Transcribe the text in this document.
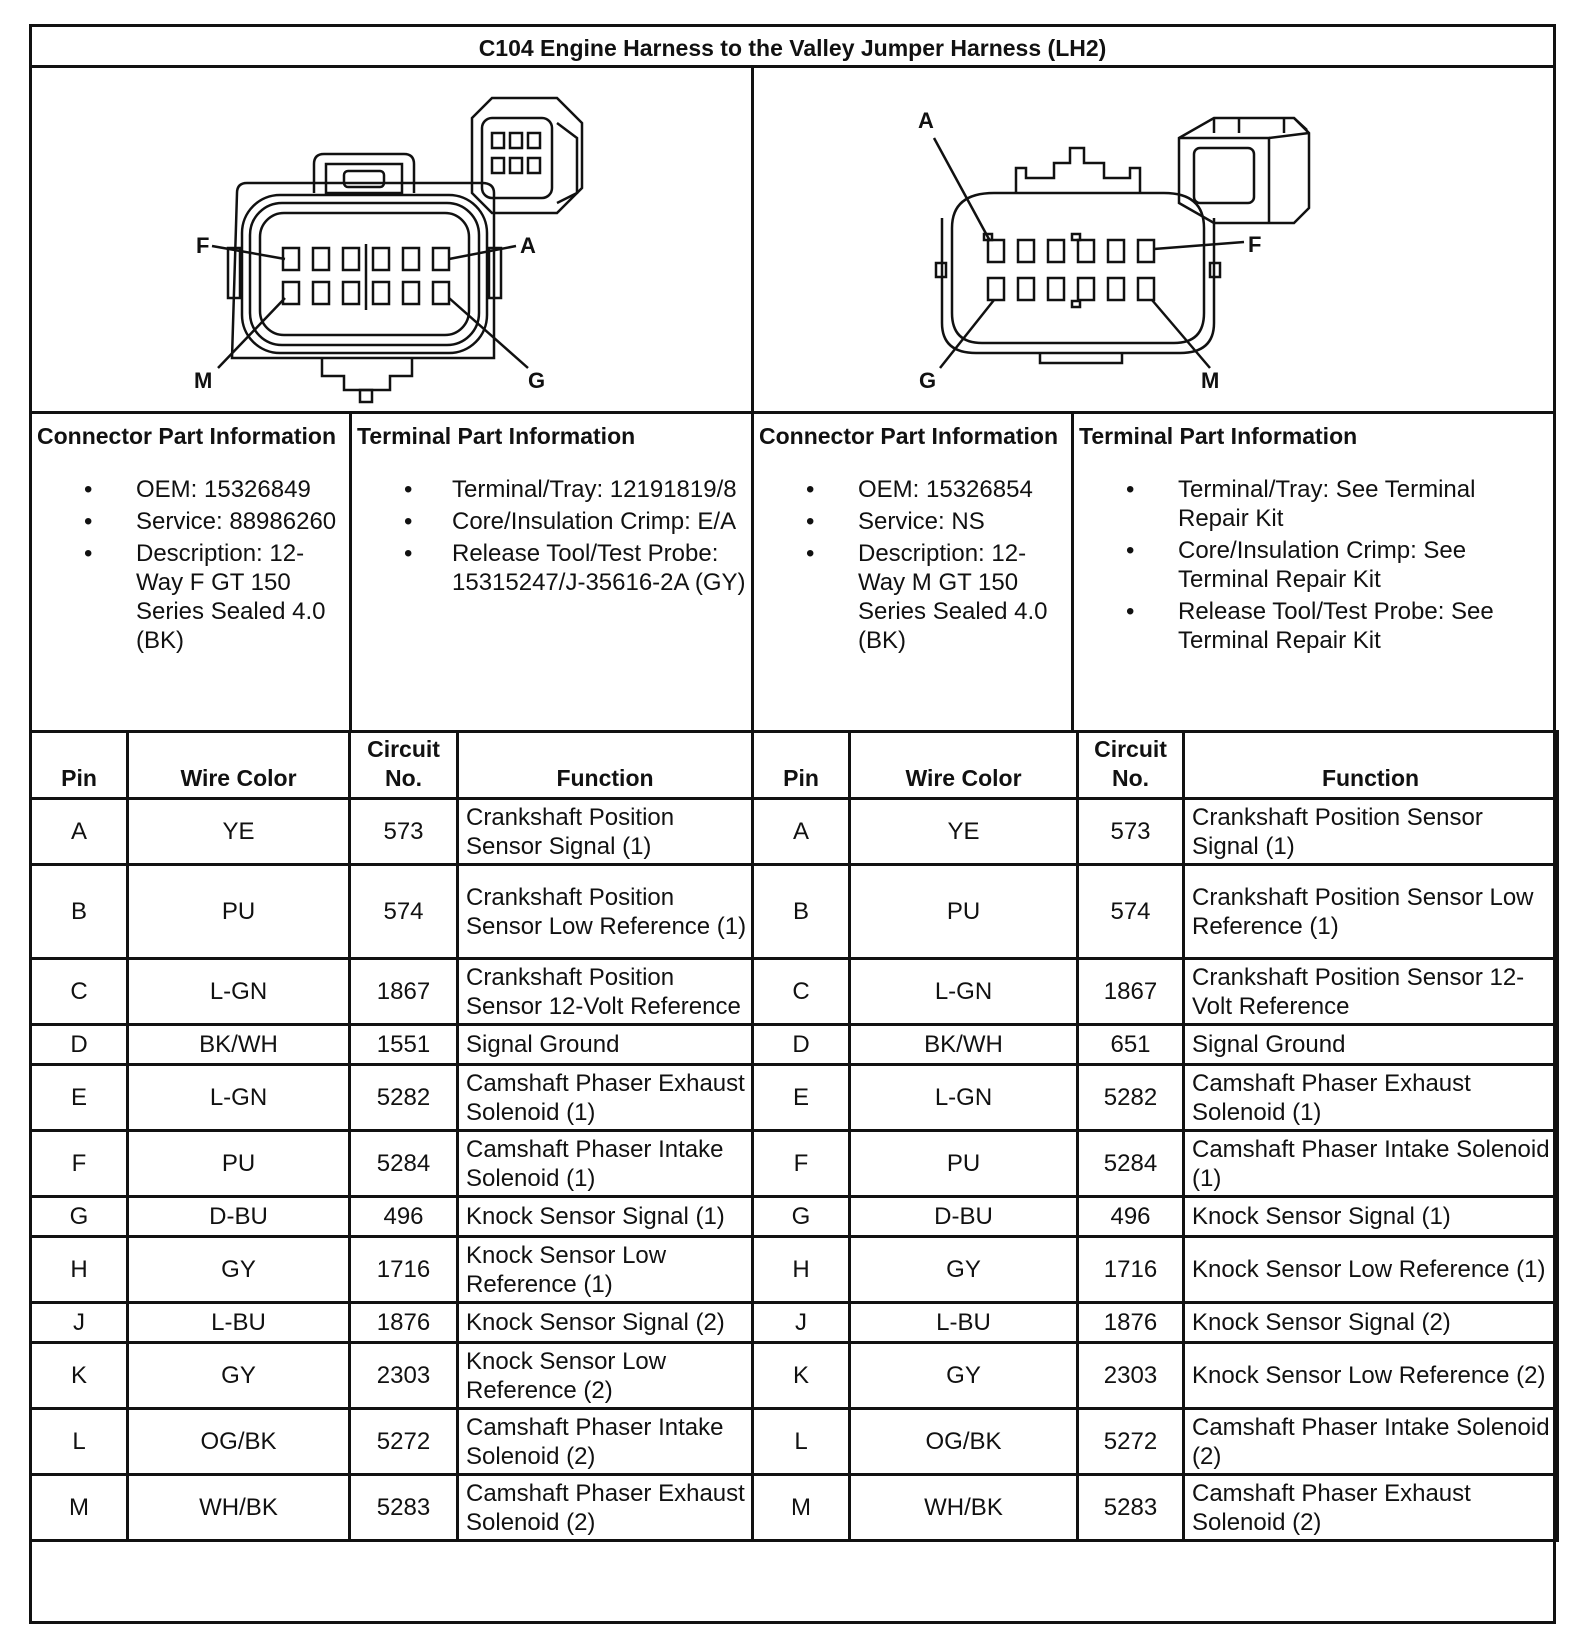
C104 Engine Harness to the Valley Jumper Harness (LH2)
F	A
M	G
A
F
G	M
Connector Part Information
• OEM: 15326849
• Service: 88986260
• Description: 12-Way F GT 150 Series Sealed 4.0 (BK)
Terminal Part Information
• Terminal/Tray: 12191819/8
• Core/Insulation Crimp: E/A
• Release Tool/Test Probe: 15315247/J-35616-2A (GY)
Connector Part Information
• OEM: 15326854
• Service: NS
• Description: 12-Way M GT 150 Series Sealed 4.0 (BK)
Terminal Part Information
• Terminal/Tray: See Terminal Repair Kit
• Core/Insulation Crimp: See Terminal Repair Kit
• Release Tool/Test Probe: See Terminal Repair Kit
Pin	Wire Color	Circuit No.	Function
A	YE	573	Crankshaft Position Sensor Signal (1)
B	PU	574	Crankshaft Position Sensor Low Reference (1)
C	L-GN	1867	Crankshaft Position Sensor 12-Volt Reference
D	BK/WH	1551	Signal Ground
E	L-GN	5282	Camshaft Phaser Exhaust Solenoid (1)
F	PU	5284	Camshaft Phaser Intake Solenoid (1)
G	D-BU	496	Knock Sensor Signal (1)
H	GY	1716	Knock Sensor Low Reference (1)
J	L-BU	1876	Knock Sensor Signal (2)
K	GY	2303	Knock Sensor Low Reference (2)
L	OG/BK	5272	Camshaft Phaser Intake Solenoid (2)
M	WH/BK	5283	Camshaft Phaser Exhaust Solenoid (2)
Pin	Wire Color	Circuit No.	Function
A	YE	573	Crankshaft Position Sensor Signal (1)
B	PU	574	Crankshaft Position Sensor Low Reference (1)
C	L-GN	1867	Crankshaft Position Sensor 12-Volt Reference
D	BK/WH	651	Signal Ground
E	L-GN	5282	Camshaft Phaser Exhaust Solenoid (1)
F	PU	5284	Camshaft Phaser Intake Solenoid (1)
G	D-BU	496	Knock Sensor Signal (1)
H	GY	1716	Knock Sensor Low Reference (1)
J	L-BU	1876	Knock Sensor Signal (2)
K	GY	2303	Knock Sensor Low Reference (2)
L	OG/BK	5272	Camshaft Phaser Intake Solenoid (2)
M	WH/BK	5283	Camshaft Phaser Exhaust Solenoid (2)
